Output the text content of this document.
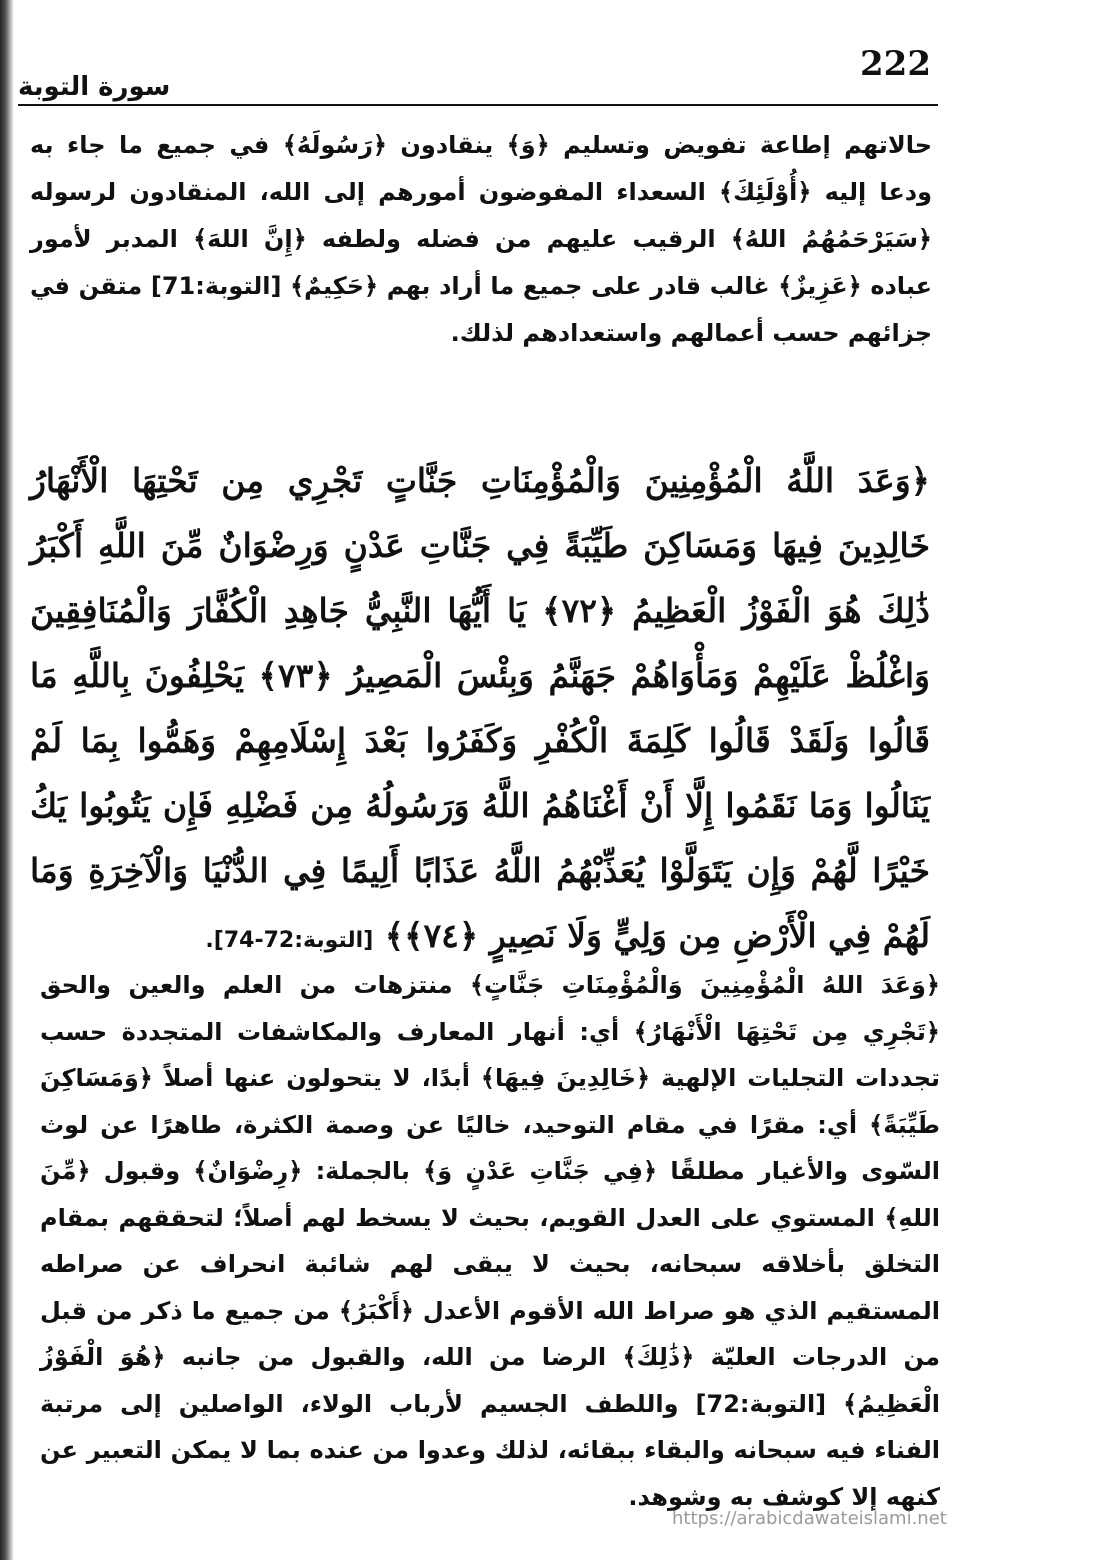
222
سورة التوبة

حالاتهم إطاعة تفويض وتسليم ﴿وَ﴾ ينقادون ﴿رَسُولَهُ﴾ في جميع ما جاء به ودعا إليه ﴿أُوْلَئِكَ﴾ السعداء المفوضون أمورهم إلى الله، المنقادون لرسوله ﴿سَيَرْحَمُهُمُ اللهُ﴾ الرقيب عليهم من فضله ولطفه ﴿إِنَّ اللهَ﴾ المدبر لأمور عباده ﴿عَزِيزٌ﴾ غالب قادر على جميع ما أراد بهم ﴿حَكِيمٌ﴾ [التوبة:71] متقن في جزائهم حسب أعمالهم واستعدادهم لذلك.

﴿وَعَدَ اللَّهُ الْمُؤْمِنِينَ وَالْمُؤْمِنَاتِ جَنَّاتٍ تَجْرِي مِن تَحْتِهَا الْأَنْهَارُ خَالِدِينَ فِيهَا وَمَسَاكِنَ طَيِّبَةً فِي جَنَّاتِ عَدْنٍ وَرِضْوَانٌ مِّنَ اللَّهِ أَكْبَرُ ذَٰلِكَ هُوَ الْفَوْزُ الْعَظِيمُ ﴿٧٢﴾ يَا أَيُّهَا النَّبِيُّ جَاهِدِ الْكُفَّارَ وَالْمُنَافِقِينَ وَاغْلُظْ عَلَيْهِمْ وَمَأْوَاهُمْ جَهَنَّمُ وَبِئْسَ الْمَصِيرُ ﴿٧٣﴾ يَحْلِفُونَ بِاللَّهِ مَا قَالُوا وَلَقَدْ قَالُوا كَلِمَةَ الْكُفْرِ وَكَفَرُوا بَعْدَ إِسْلَامِهِمْ وَهَمُّوا بِمَا لَمْ يَنَالُوا وَمَا نَقَمُوا إِلَّا أَنْ أَغْنَاهُمُ اللَّهُ وَرَسُولُهُ مِن فَضْلِهِ فَإِن يَتُوبُوا يَكُ خَيْرًا لَّهُمْ وَإِن يَتَوَلَّوْا يُعَذِّبْهُمُ اللَّهُ عَذَابًا أَلِيمًا فِي الدُّنْيَا وَالْآخِرَةِ وَمَا لَهُمْ فِي الْأَرْضِ مِن وَلِيٍّ وَلَا نَصِيرٍ ﴿٧٤﴾﴾ [التوبة:72-74].

﴿وَعَدَ اللهُ الْمُؤْمِنِينَ وَالْمُؤْمِنَاتِ جَنَّاتٍ﴾ منتزهات من العلم والعين والحق ﴿تَجْرِي مِن تَحْتِهَا الْأَنْهَارُ﴾ أي: أنهار المعارف والمكاشفات المتجددة حسب تجددات التجليات الإلهية ﴿خَالِدِينَ فِيهَا﴾ أبدًا، لا يتحولون عنها أصلاً ﴿وَمَسَاكِنَ طَيِّبَةً﴾ أي: مقرًا في مقام التوحيد، خاليًا عن وصمة الكثرة، طاهرًا عن لوث السّوى والأغيار مطلقًا ﴿فِي جَنَّاتِ عَدْنٍ وَ﴾ بالجملة: ﴿رِضْوَانٌ﴾ وقبول ﴿مِّنَ اللهِ﴾ المستوي على العدل القويم، بحيث لا يسخط لهم أصلاً؛ لتحققهم بمقام التخلق بأخلاقه سبحانه، بحيث لا يبقى لهم شائبة انحراف عن صراطه المستقيم الذي هو صراط الله الأقوم الأعدل ﴿أَكْبَرُ﴾ من جميع ما ذكر من قبل من الدرجات العليّة ﴿ذَٰلِكَ﴾ الرضا من الله، والقبول من جانبه ﴿هُوَ الْفَوْزُ الْعَظِيمُ﴾ [التوبة:72] واللطف الجسيم لأرباب الولاء، الواصلين إلى مرتبة الفناء فيه سبحانه والبقاء ببقائه، لذلك وعدوا من عنده بما لا يمكن التعبير عن كنهه إلا كوشف به وشوهد.

https://arabicdawateislami.net
